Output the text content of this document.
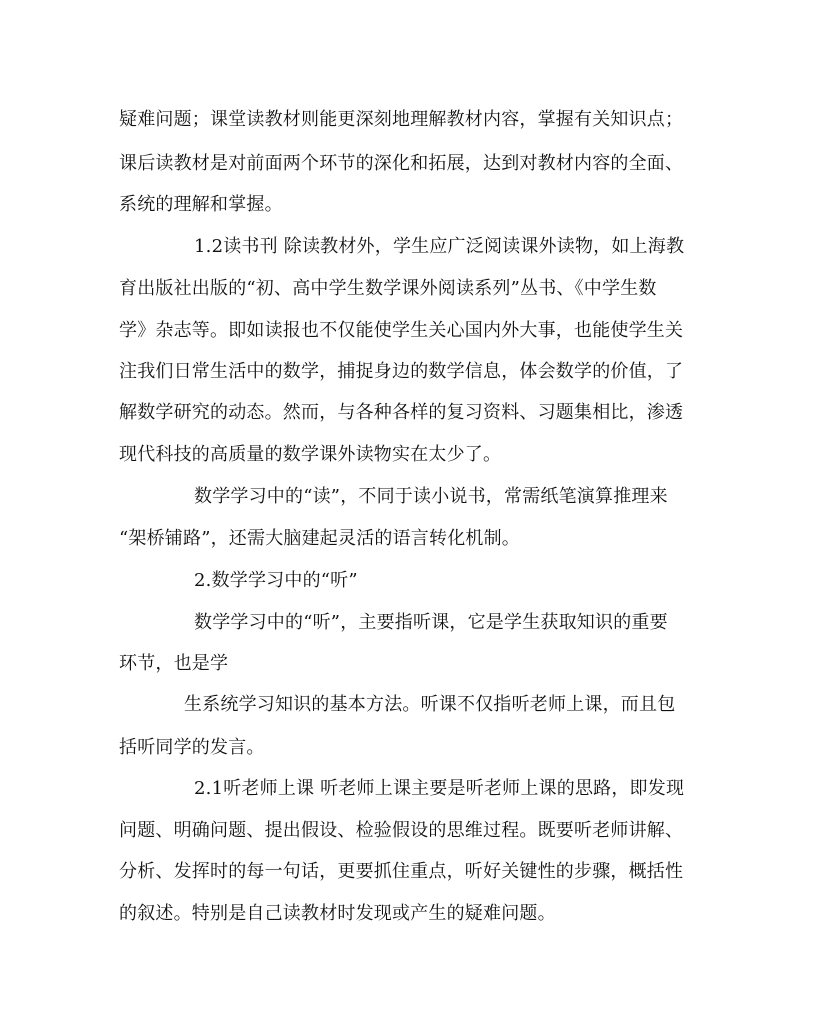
疑难问题；课堂读教材则能更深刻地理解教材内容，掌握有关知识点；
课后读教材是对前面两个环节的深化和拓展，达到对教材内容的全面、
系统的理解和掌握。
1.2读书刊 除读教材外，学生应广泛阅读课外读物，如上海教
育出版社出版的“初、高中学生数学课外阅读系列”丛书、《中学生数
学》杂志等。即如读报也不仅能使学生关心国内外大事，也能使学生关
注我们日常生活中的数学，捕捉身边的数学信息，体会数学的价值，了
解数学研究的动态。然而，与各种各样的复习资料、习题集相比，渗透
现代科技的高质量的数学课外读物实在太少了。
数学学习中的“读”，不同于读小说书，常需纸笔演算推理来
“架桥铺路”，还需大脑建起灵活的语言转化机制。
2.数学学习中的“听”
数学学习中的“听”，主要指听课，它是学生获取知识的重要
环节，也是学
生系统学习知识的基本方法。听课不仅指听老师上课，而且包
括听同学的发言。
2.1听老师上课 听老师上课主要是听老师上课的思路，即发现
问题、明确问题、提出假设、检验假设的思维过程。既要听老师讲解、
分析、发挥时的每一句话，更要抓住重点，听好关键性的步骤，概括性
的叙述。特别是自己读教材时发现或产生的疑难问题。
